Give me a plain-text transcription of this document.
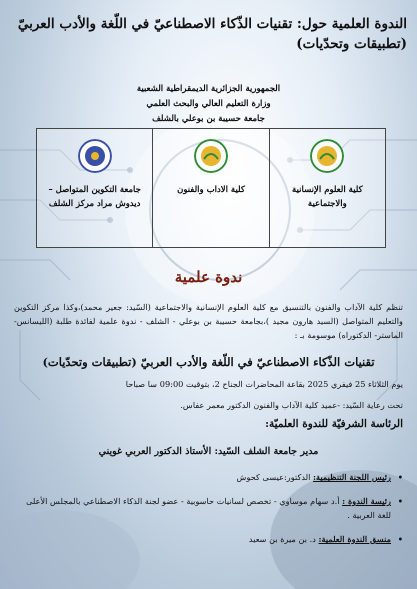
الندوة العلمية حول: تقنيات الذّكاء الاصطناعيّ في اللّغة والأدب العربيّ (تطبيقات وتحدّيات)
الجمهورية الجزائرية الديمقراطية الشعبية
وزارة التعليم العالي والبحث العلمي
جامعة حسيبة بن بوعلي بالشلف
كلية العلوم الإنسانية والاجتماعية
كلية الاداب والفنون
جامعة التكوين المتواصل – ديدوش مراد مركز الشلف
ندوة علمية
تنظم كلية الآداب والفنون بالتنسيق مع كلية العلوم الإنسانية والاجتماعية (السّيد: جعير محمد)،وكذا مركز التكوين والتعليم المتواصل (السيد هارون مجيد )،بجامعة حسيبة بن بوعلي - الشلف - ندوة علمية لفائدة طلبة (الليسانس-الماستر- الدكتوراه) موسومة بـ :
تقنيات الذّكاء الاصطناعيّ في اللّغة والأدب العربيّ (تطبيقات وتحدّيات)
يوم الثلاثاء 25 فيفري 2025 بقاعة المحاضرات الجناح 2، بتوقيت 09:00 سا صباحا
تحت رعاية السّيد: -عميد كلية الآداب والفنون الدكتور معمر عفاس.
الرئاسة الشرفيّة للندوة العلميّة:
مدير جامعة الشلف السّيد: الأستاذ الدكتور العربي غويني
• رئيس اللجنة التنظيمية: الدكتور:عيسى كحوش
• رئيسة الندوة : أ.د سهام موساوي - تخصص لسانيات حاسوبية - عضو لجنة الذكاء الاصطناعي بالمجلس الأعلى للغة العربية .
• منسق الندوة العلمية: د. بن ميرة بن سعيد
